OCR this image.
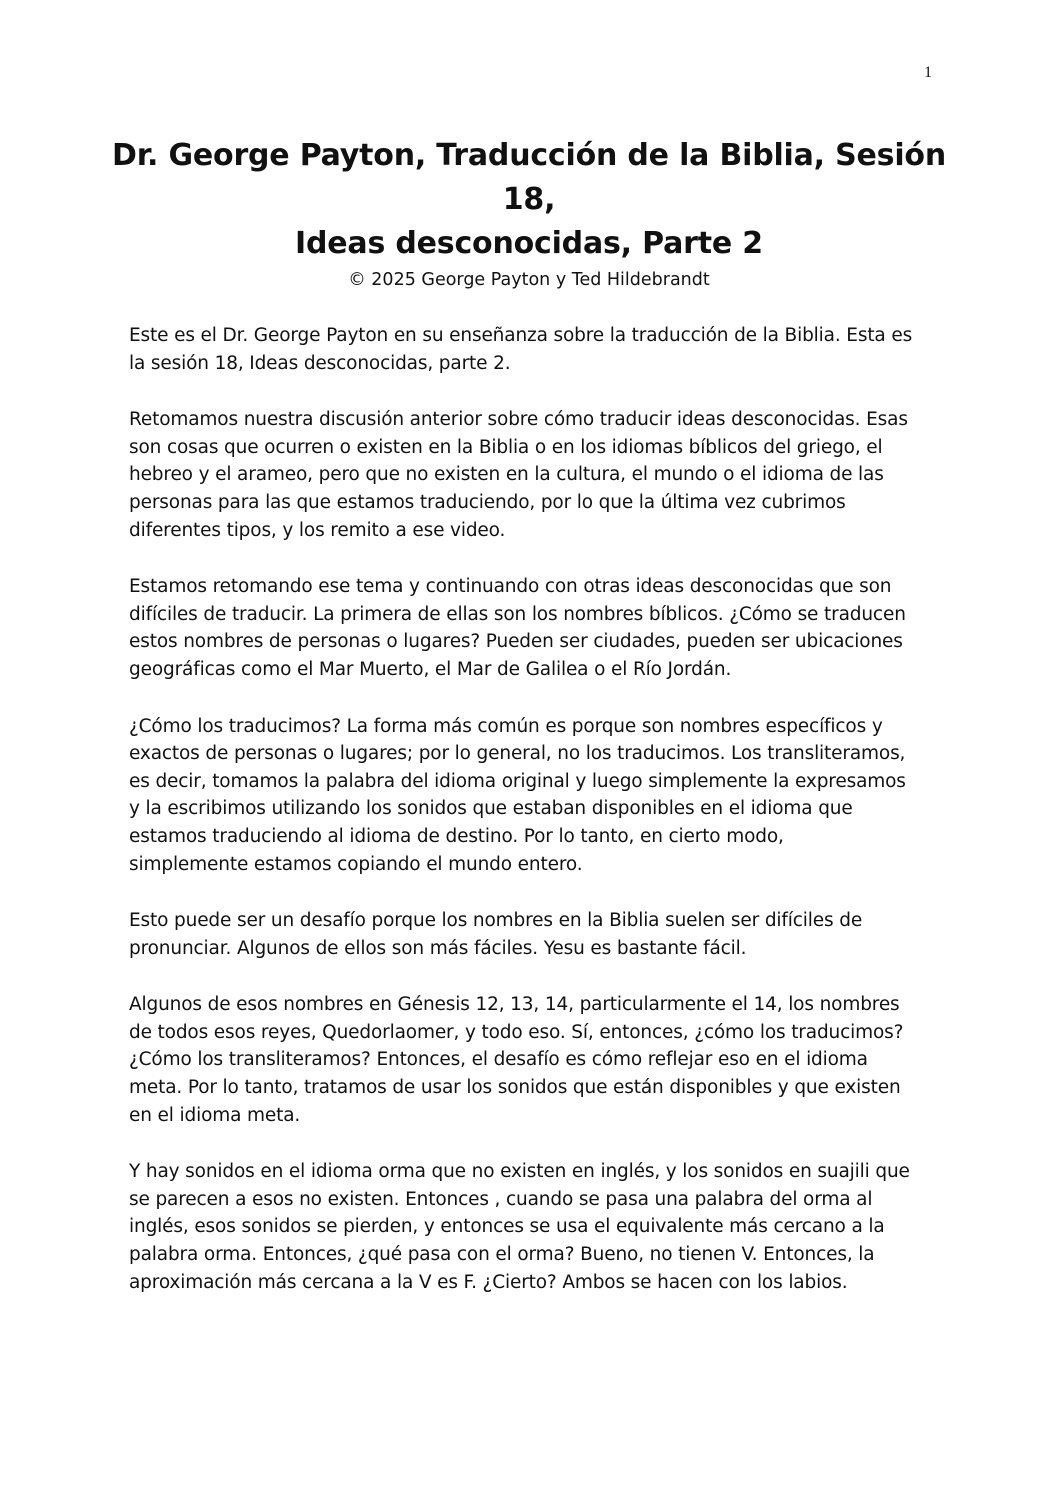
1
Dr. George Payton, Traducción de la Biblia, Sesión
18,
Ideas desconocidas, Parte 2
© 2025 George Payton y Ted Hildebrandt

Este es el Dr. George Payton en su enseñanza sobre la traducción de la Biblia. Esta es
la sesión 18, Ideas desconocidas, parte 2.

Retomamos nuestra discusión anterior sobre cómo traducir ideas desconocidas. Esas
son cosas que ocurren o existen en la Biblia o en los idiomas bíblicos del griego, el
hebreo y el arameo, pero que no existen en la cultura, el mundo o el idioma de las
personas para las que estamos traduciendo, por lo que la última vez cubrimos
diferentes tipos, y los remito a ese video.

Estamos retomando ese tema y continuando con otras ideas desconocidas que son
difíciles de traducir. La primera de ellas son los nombres bíblicos. ¿Cómo se traducen
estos nombres de personas o lugares? Pueden ser ciudades, pueden ser ubicaciones
geográficas como el Mar Muerto, el Mar de Galilea o el Río Jordán.

¿Cómo los traducimos? La forma más común es porque son nombres específicos y
exactos de personas o lugares; por lo general, no los traducimos. Los transliteramos,
es decir, tomamos la palabra del idioma original y luego simplemente la expresamos
y la escribimos utilizando los sonidos que estaban disponibles en el idioma que
estamos traduciendo al idioma de destino. Por lo tanto, en cierto modo,
simplemente estamos copiando el mundo entero.

Esto puede ser un desafío porque los nombres en la Biblia suelen ser difíciles de
pronunciar. Algunos de ellos son más fáciles. Yesu es bastante fácil.

Algunos de esos nombres en Génesis 12, 13, 14, particularmente el 14, los nombres
de todos esos reyes, Quedorlaomer, y todo eso. Sí, entonces, ¿cómo los traducimos?
¿Cómo los transliteramos? Entonces, el desafío es cómo reflejar eso en el idioma
meta. Por lo tanto, tratamos de usar los sonidos que están disponibles y que existen
en el idioma meta.

Y hay sonidos en el idioma orma que no existen en inglés, y los sonidos en suajili que
se parecen a esos no existen. Entonces , cuando se pasa una palabra del orma al
inglés, esos sonidos se pierden, y entonces se usa el equivalente más cercano a la
palabra orma. Entonces, ¿qué pasa con el orma? Bueno, no tienen V. Entonces, la
aproximación más cercana a la V es F. ¿Cierto? Ambos se hacen con los labios.
